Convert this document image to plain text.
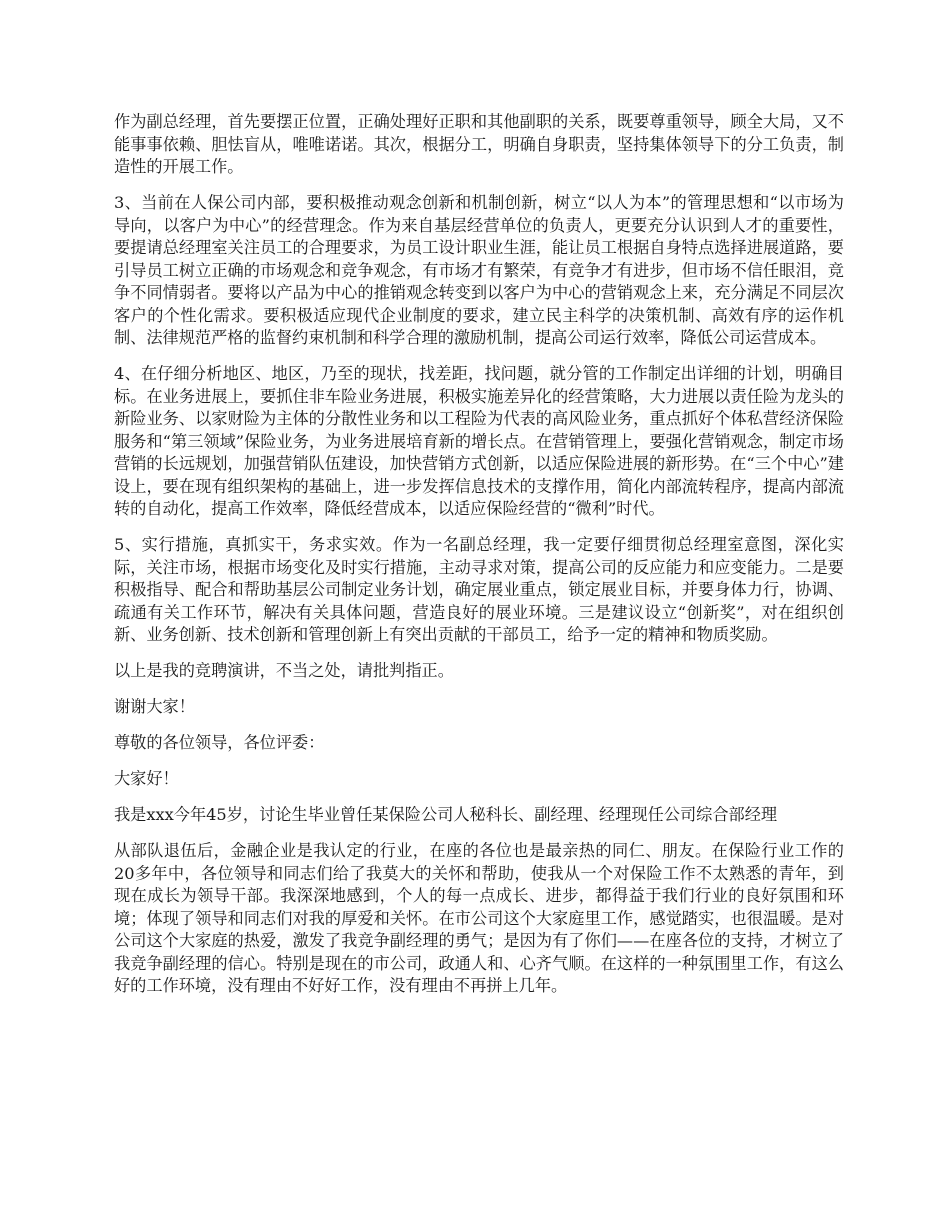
作为副总经理，首先要摆正位置，正确处理好正职和其他副职的关系，既要尊重领导，顾全大局，又不能事事依赖、胆怯盲从，唯唯诺诺。其次，根据分工，明确自身职责，坚持集体领导下的分工负责，制造性的开展工作。

3、当前在人保公司内部，要积极推动观念创新和机制创新，树立“以人为本”的管理思想和“以市场为导向，以客户为中心”的经营理念。作为来自基层经营单位的负责人，更要充分认识到人才的重要性，要提请总经理室关注员工的合理要求，为员工设计职业生涯，能让员工根据自身特点选择进展道路，要引导员工树立正确的市场观念和竞争观念，有市场才有繁荣，有竞争才有进步，但市场不信任眼泪，竞争不同情弱者。要将以产品为中心的推销观念转变到以客户为中心的营销观念上来，充分满足不同层次客户的个性化需求。要积极适应现代企业制度的要求，建立民主科学的决策机制、高效有序的运作机制、法律规范严格的监督约束机制和科学合理的激励机制，提高公司运行效率，降低公司运营成本。

4、在仔细分析地区、地区，乃至的现状，找差距，找问题，就分管的工作制定出详细的计划，明确目标。在业务进展上，要抓住非车险业务进展，积极实施差异化的经营策略，大力进展以责任险为龙头的新险业务、以家财险为主体的分散性业务和以工程险为代表的高风险业务，重点抓好个体私营经济保险服务和“第三领域”保险业务，为业务进展培育新的增长点。在营销管理上，要强化营销观念，制定市场营销的长远规划，加强营销队伍建设，加快营销方式创新，以适应保险进展的新形势。在“三个中心”建设上，要在现有组织架构的基础上，进一步发挥信息技术的支撑作用，简化内部流转程序，提高内部流转的自动化，提高工作效率，降低经营成本，以适应保险经营的“微利”时代。

5、实行措施，真抓实干，务求实效。作为一名副总经理，我一定要仔细贯彻总经理室意图，深化实际，关注市场，根据市场变化及时实行措施，主动寻求对策，提高公司的反应能力和应变能力。二是要积极指导、配合和帮助基层公司制定业务计划，确定展业重点，锁定展业目标，并要身体力行，协调、疏通有关工作环节，解决有关具体问题，营造良好的展业环境。三是建议设立“创新奖”，对在组织创新、业务创新、技术创新和管理创新上有突出贡献的干部员工，给予一定的精神和物质奖励。

以上是我的竞聘演讲，不当之处，请批判指正。

谢谢大家！

尊敬的各位领导，各位评委：

大家好！

我是xxx今年45岁，讨论生毕业曾任某保险公司人秘科长、副经理、经理现任公司综合部经理

从部队退伍后，金融企业是我认定的行业，在座的各位也是最亲热的同仁、朋友。在保险行业工作的20多年中，各位领导和同志们给了我莫大的关怀和帮助，使我从一个对保险工作不太熟悉的青年，到现在成长为领导干部。我深深地感到，个人的每一点成长、进步，都得益于我们行业的良好氛围和环境；体现了领导和同志们对我的厚爱和关怀。在市公司这个大家庭里工作，感觉踏实，也很温暖。是对公司这个大家庭的热爱，激发了我竞争副经理的勇气；是因为有了你们——在座各位的支持，才树立了我竞争副经理的信心。特别是现在的市公司，政通人和、心齐气顺。在这样的一种氛围里工作，有这么好的工作环境，没有理由不好好工作，没有理由不再拼上几年。
